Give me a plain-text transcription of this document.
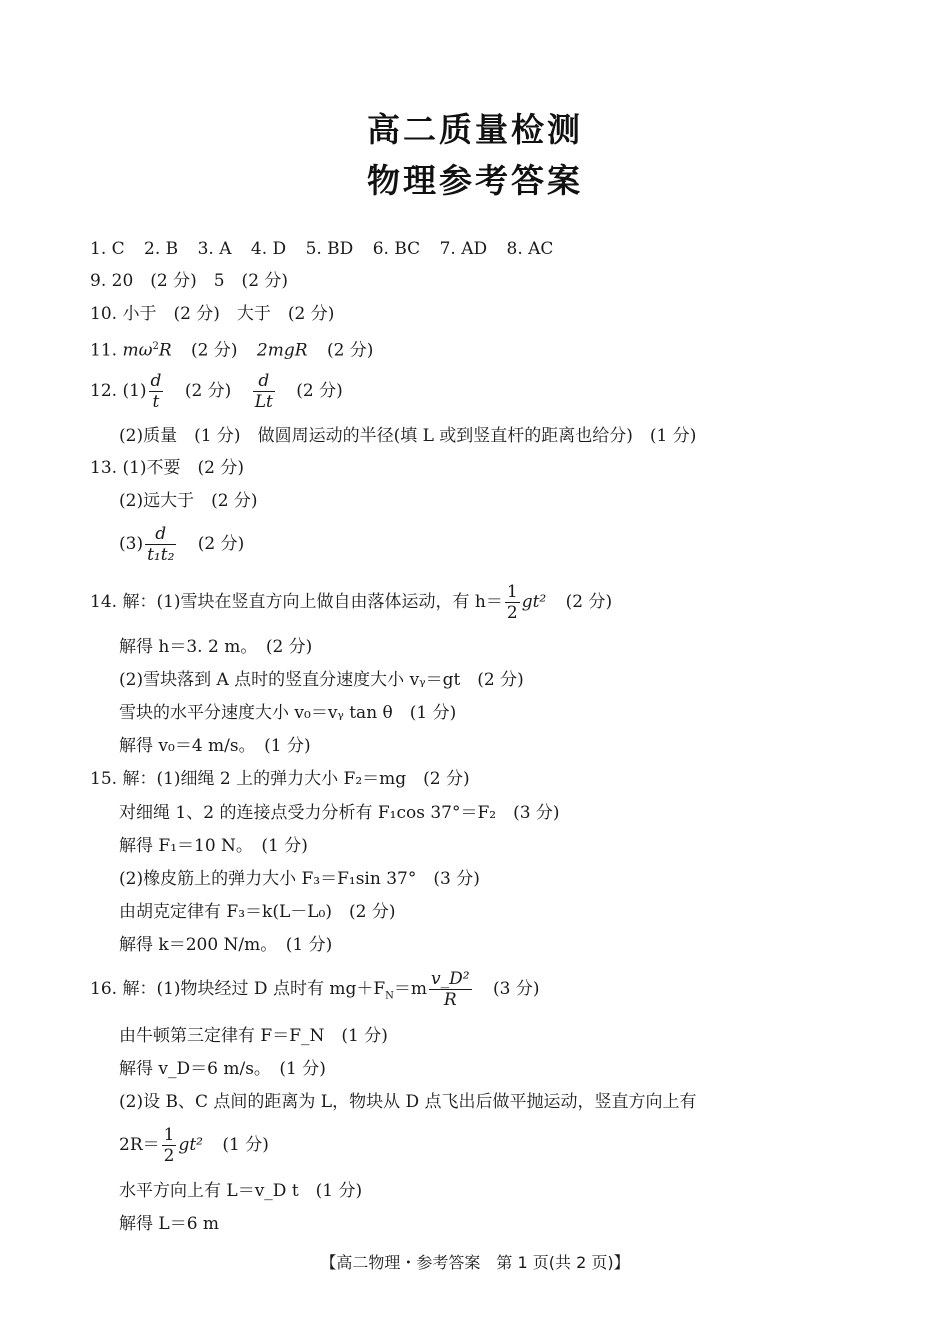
高二质量检测
物理参考答案
1. C 2. B 3. A 4. D 5. BD 6. BC 7. AD 8. AC
9. 20　(2 分)　5　(2 分)
10. 小于　(2 分)　大于　(2 分)
11. $m\omega^2R$ (2 分) 2mgR (2 分)
12. $(1) \frac{d}{t} (2$ 分) $\frac{d}{Lt} (2$ 分)
(2)质量　(1 分)　做圆周运动的半径(填 L 或到竖直杆的距离也给分)　(1 分)
13. (1)不要　(2 分)
(2)远大于　(2 分)
$(3) \frac{d}{\text{t₁t₂}} (2$ 分)
14. 解：(1)雪块在竖直方向上做自由落体运动，有 $h= \frac{1}{2} gt^2$ (2 分)
解得 h＝3. 2 m。　(2 分)
(2)雪块落到 A 点时的竖直分速度大小 vᵧ＝gt　(2 分)
雪块的水平分速度大小 v₀＝vᵧ tan θ　(1 分)
解得 v₀＝4 m/s。　(1 分)
15. 解：(1)细绳 2 上的弹力大小 F₂＝mg　(2 分)
对细绳 1、2 的连接点受力分析有 F₁cos 37°＝F₂　(3 分)
解得 F₁＝10 N。　(1 分)
(2)橡皮筋上的弹力大小 F₃＝F₁sin 37°　(3 分)
由胡克定律有 F₃＝k(L－L₀)　(2 分)
解得 k＝200 N/m。　(1 分)
16. 解：(1)物块经过 D 点时有 $mg+F_N=m \frac{\text{v\_D²}}{R} (3$ 分)
由牛顿第三定律有 F＝F_N　(1 分)
解得 v_D＝6 m/s。　(1 分)
(2)设 B、C 点间的距离为 L，物块从 D 点飞出后做平抛运动，竖直方向上有
$2R= \frac{1}{2} gt^2$ (1 分)
水平方向上有 L＝v_D t　(1 分)
解得 L＝6 m
【高二物理・参考答案　第 1 页(共 2 页)】
